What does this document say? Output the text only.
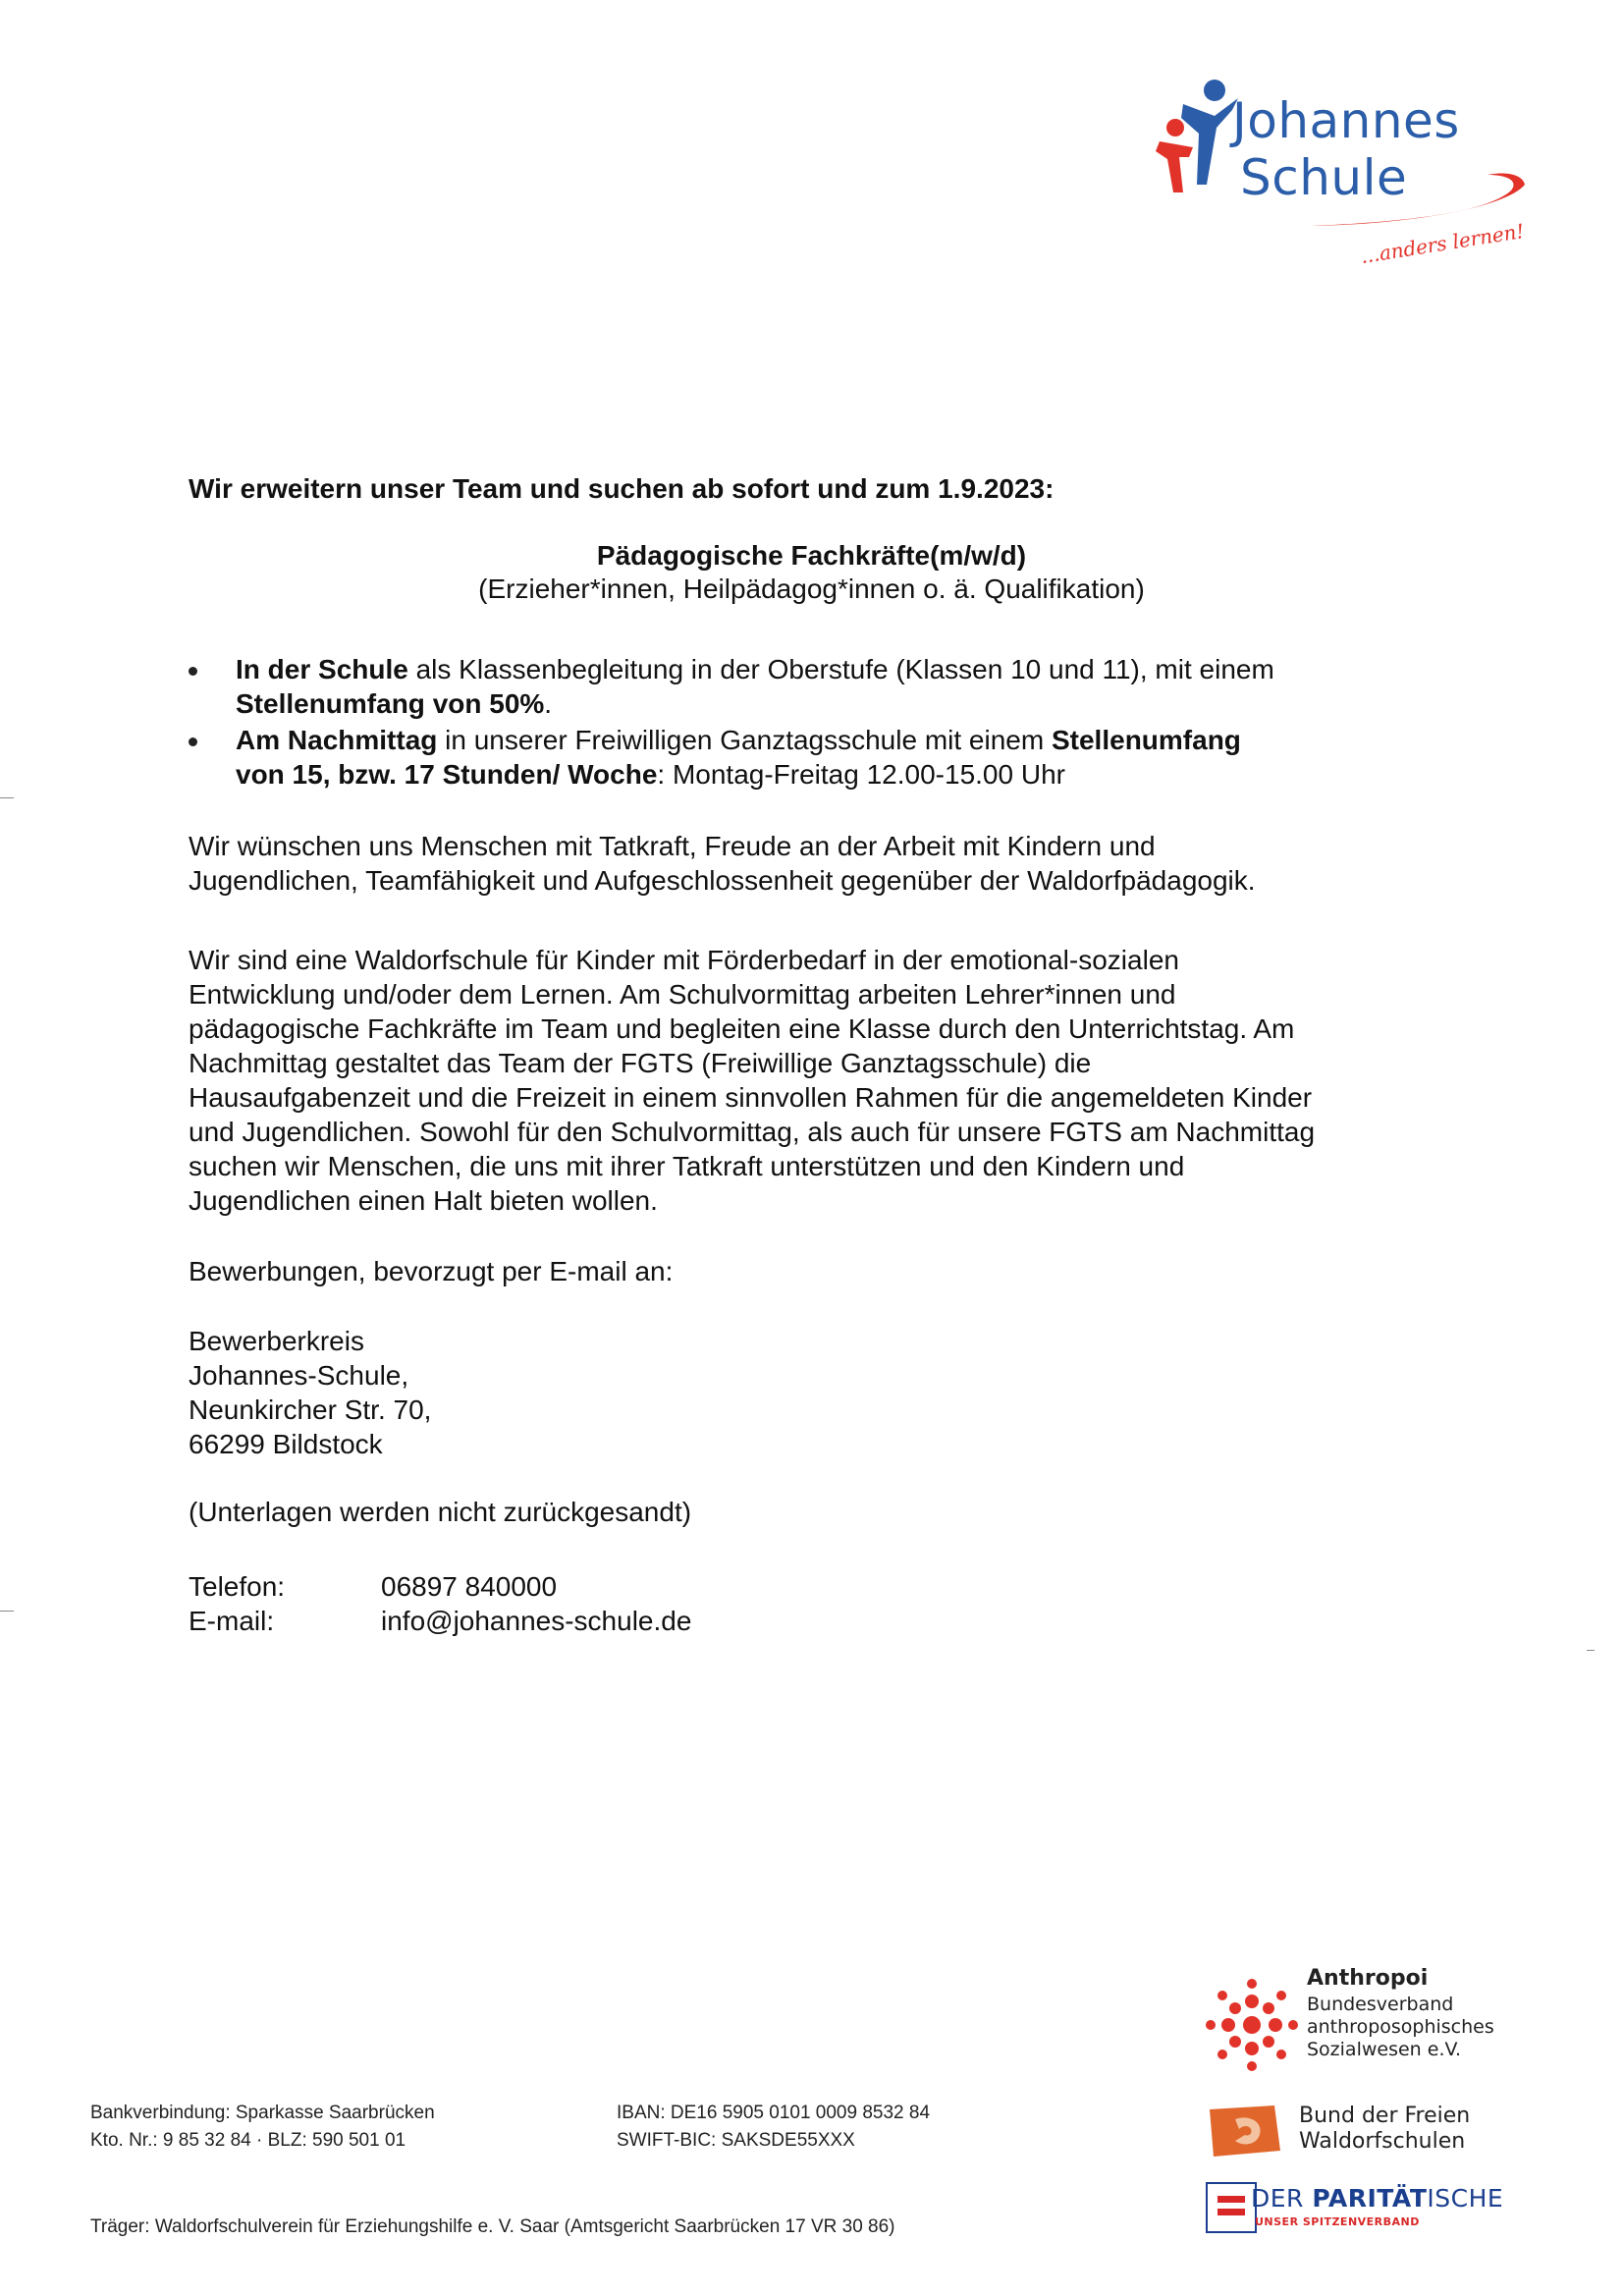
Johannes
Schule
...anders lernen!
Wir erweitern unser Team und suchen ab sofort und zum 1.9.2023:
Pädagogische Fachkräfte(m/w/d)
(Erzieher*innen, Heilpädagog*innen o. ä. Qualifikation)
In der Schule als Klassenbegleitung in der Oberstufe (Klassen 10 und 11), mit einem
Stellenumfang von 50%.
Am Nachmittag in unserer Freiwilligen Ganztagsschule mit einem Stellenumfang
von 15, bzw. 17 Stunden/ Woche: Montag-Freitag 12.00-15.00 Uhr
Wir wünschen uns Menschen mit Tatkraft, Freude an der Arbeit mit Kindern und
Jugendlichen, Teamfähigkeit und Aufgeschlossenheit gegenüber der Waldorfpädagogik.
Wir sind eine Waldorfschule für Kinder mit Förderbedarf in der emotional-sozialen
Entwicklung und/oder dem Lernen. Am Schulvormittag arbeiten Lehrer*innen und
pädagogische Fachkräfte im Team und begleiten eine Klasse durch den Unterrichtstag. Am
Nachmittag gestaltet das Team der FGTS (Freiwillige Ganztagsschule) die
Hausaufgabenzeit und die Freizeit in einem sinnvollen Rahmen für die angemeldeten Kinder
und Jugendlichen. Sowohl für den Schulvormittag, als auch für unsere FGTS am Nachmittag
suchen wir Menschen, die uns mit ihrer Tatkraft unterstützen und den Kindern und
Jugendlichen einen Halt bieten wollen.
Bewerbungen, bevorzugt per E-mail an:
Bewerberkreis
Johannes-Schule,
Neunkircher Str. 70,
66299 Bildstock
(Unterlagen werden nicht zurückgesandt)
Telefon:	06897 840000
E-mail:	info@johannes-schule.de
Bankverbindung: Sparkasse Saarbrücken
Kto. Nr.: 9 85 32 84 · BLZ: 590 501 01
IBAN: DE16 5905 0101 0009 8532 84
SWIFT-BIC: SAKSDE55XXX
Träger: Waldorfschulverein für Erziehungshilfe e. V. Saar (Amtsgericht Saarbrücken 17 VR 30 86)
Anthropoi
Bundesverband
anthroposophisches
Sozialwesen e.V.
Bund der Freien
Waldorfschulen
DER PARITÄTISCHE
UNSER SPITZENVERBAND
